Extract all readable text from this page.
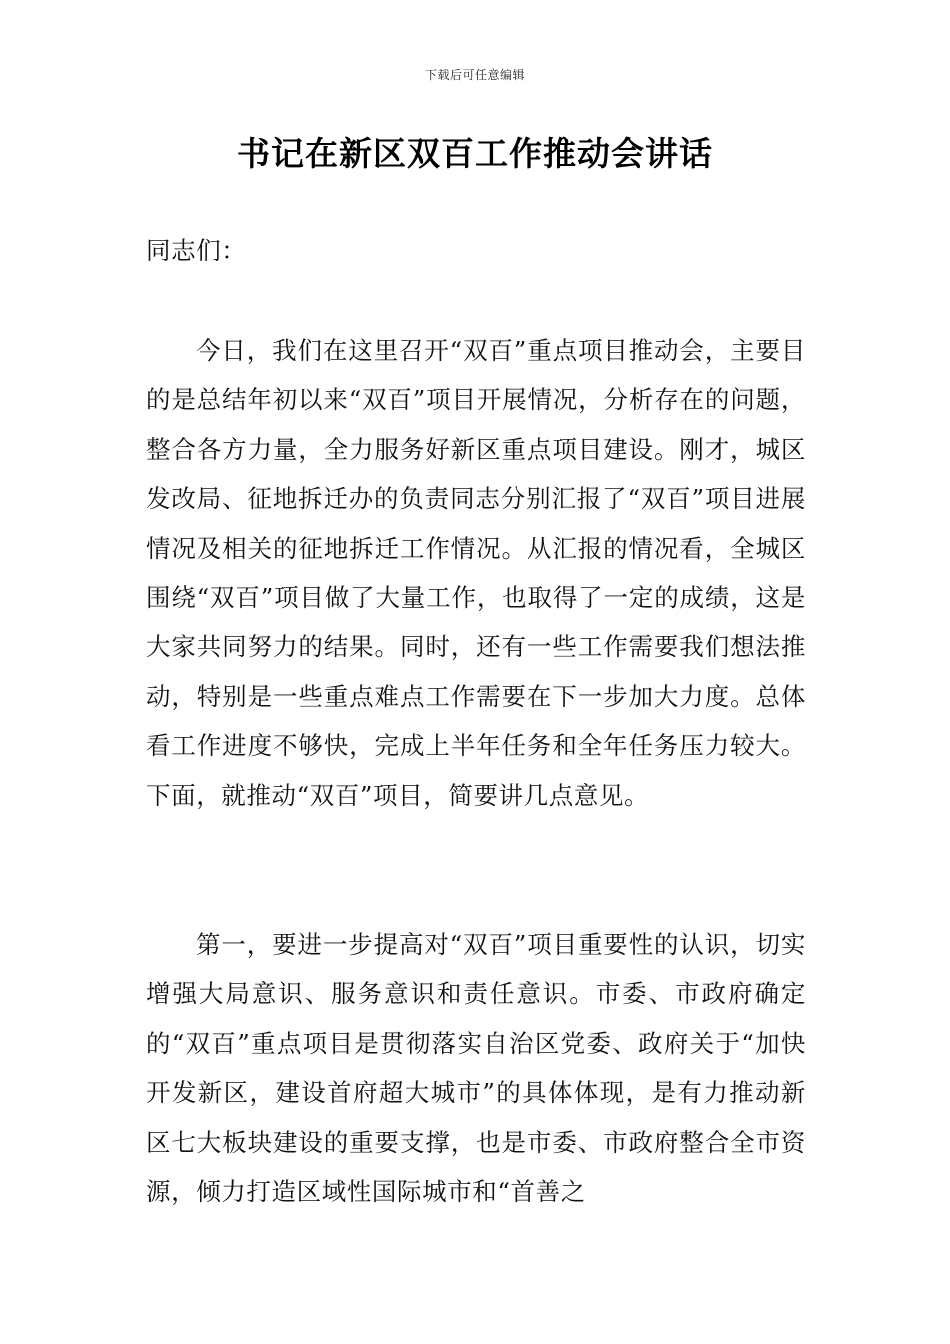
下载后可任意编辑
书记在新区双百工作推动会讲话
同志们：
今日，我们在这里召开“双百”重点项目推动会，主要目的是总结年初以来“双百”项目开展情况，分析存在的问题，整合各方力量，全力服务好新区重点项目建设。刚才，城区发改局、征地拆迁办的负责同志分别汇报了“双百”项目进展情况及相关的征地拆迁工作情况。从汇报的情况看，全城区围绕“双百”项目做了大量工作，也取得了一定的成绩，这是大家共同努力的结果。同时，还有一些工作需要我们想法推动，特别是一些重点难点工作需要在下一步加大力度。总体看工作进度不够快，完成上半年任务和全年任务压力较大。下面，就推动“双百”项目，简要讲几点意见。
第一，要进一步提高对“双百”项目重要性的认识，切实增强大局意识、服务意识和责任意识。市委、市政府确定的“双百”重点项目是贯彻落实自治区党委、政府关于“加快开发新区，建设首府超大城市”的具体体现，是有力推动新区七大板块建设的重要支撑，也是市委、市政府整合全市资源，倾力打造区域性国际城市和“首善之
